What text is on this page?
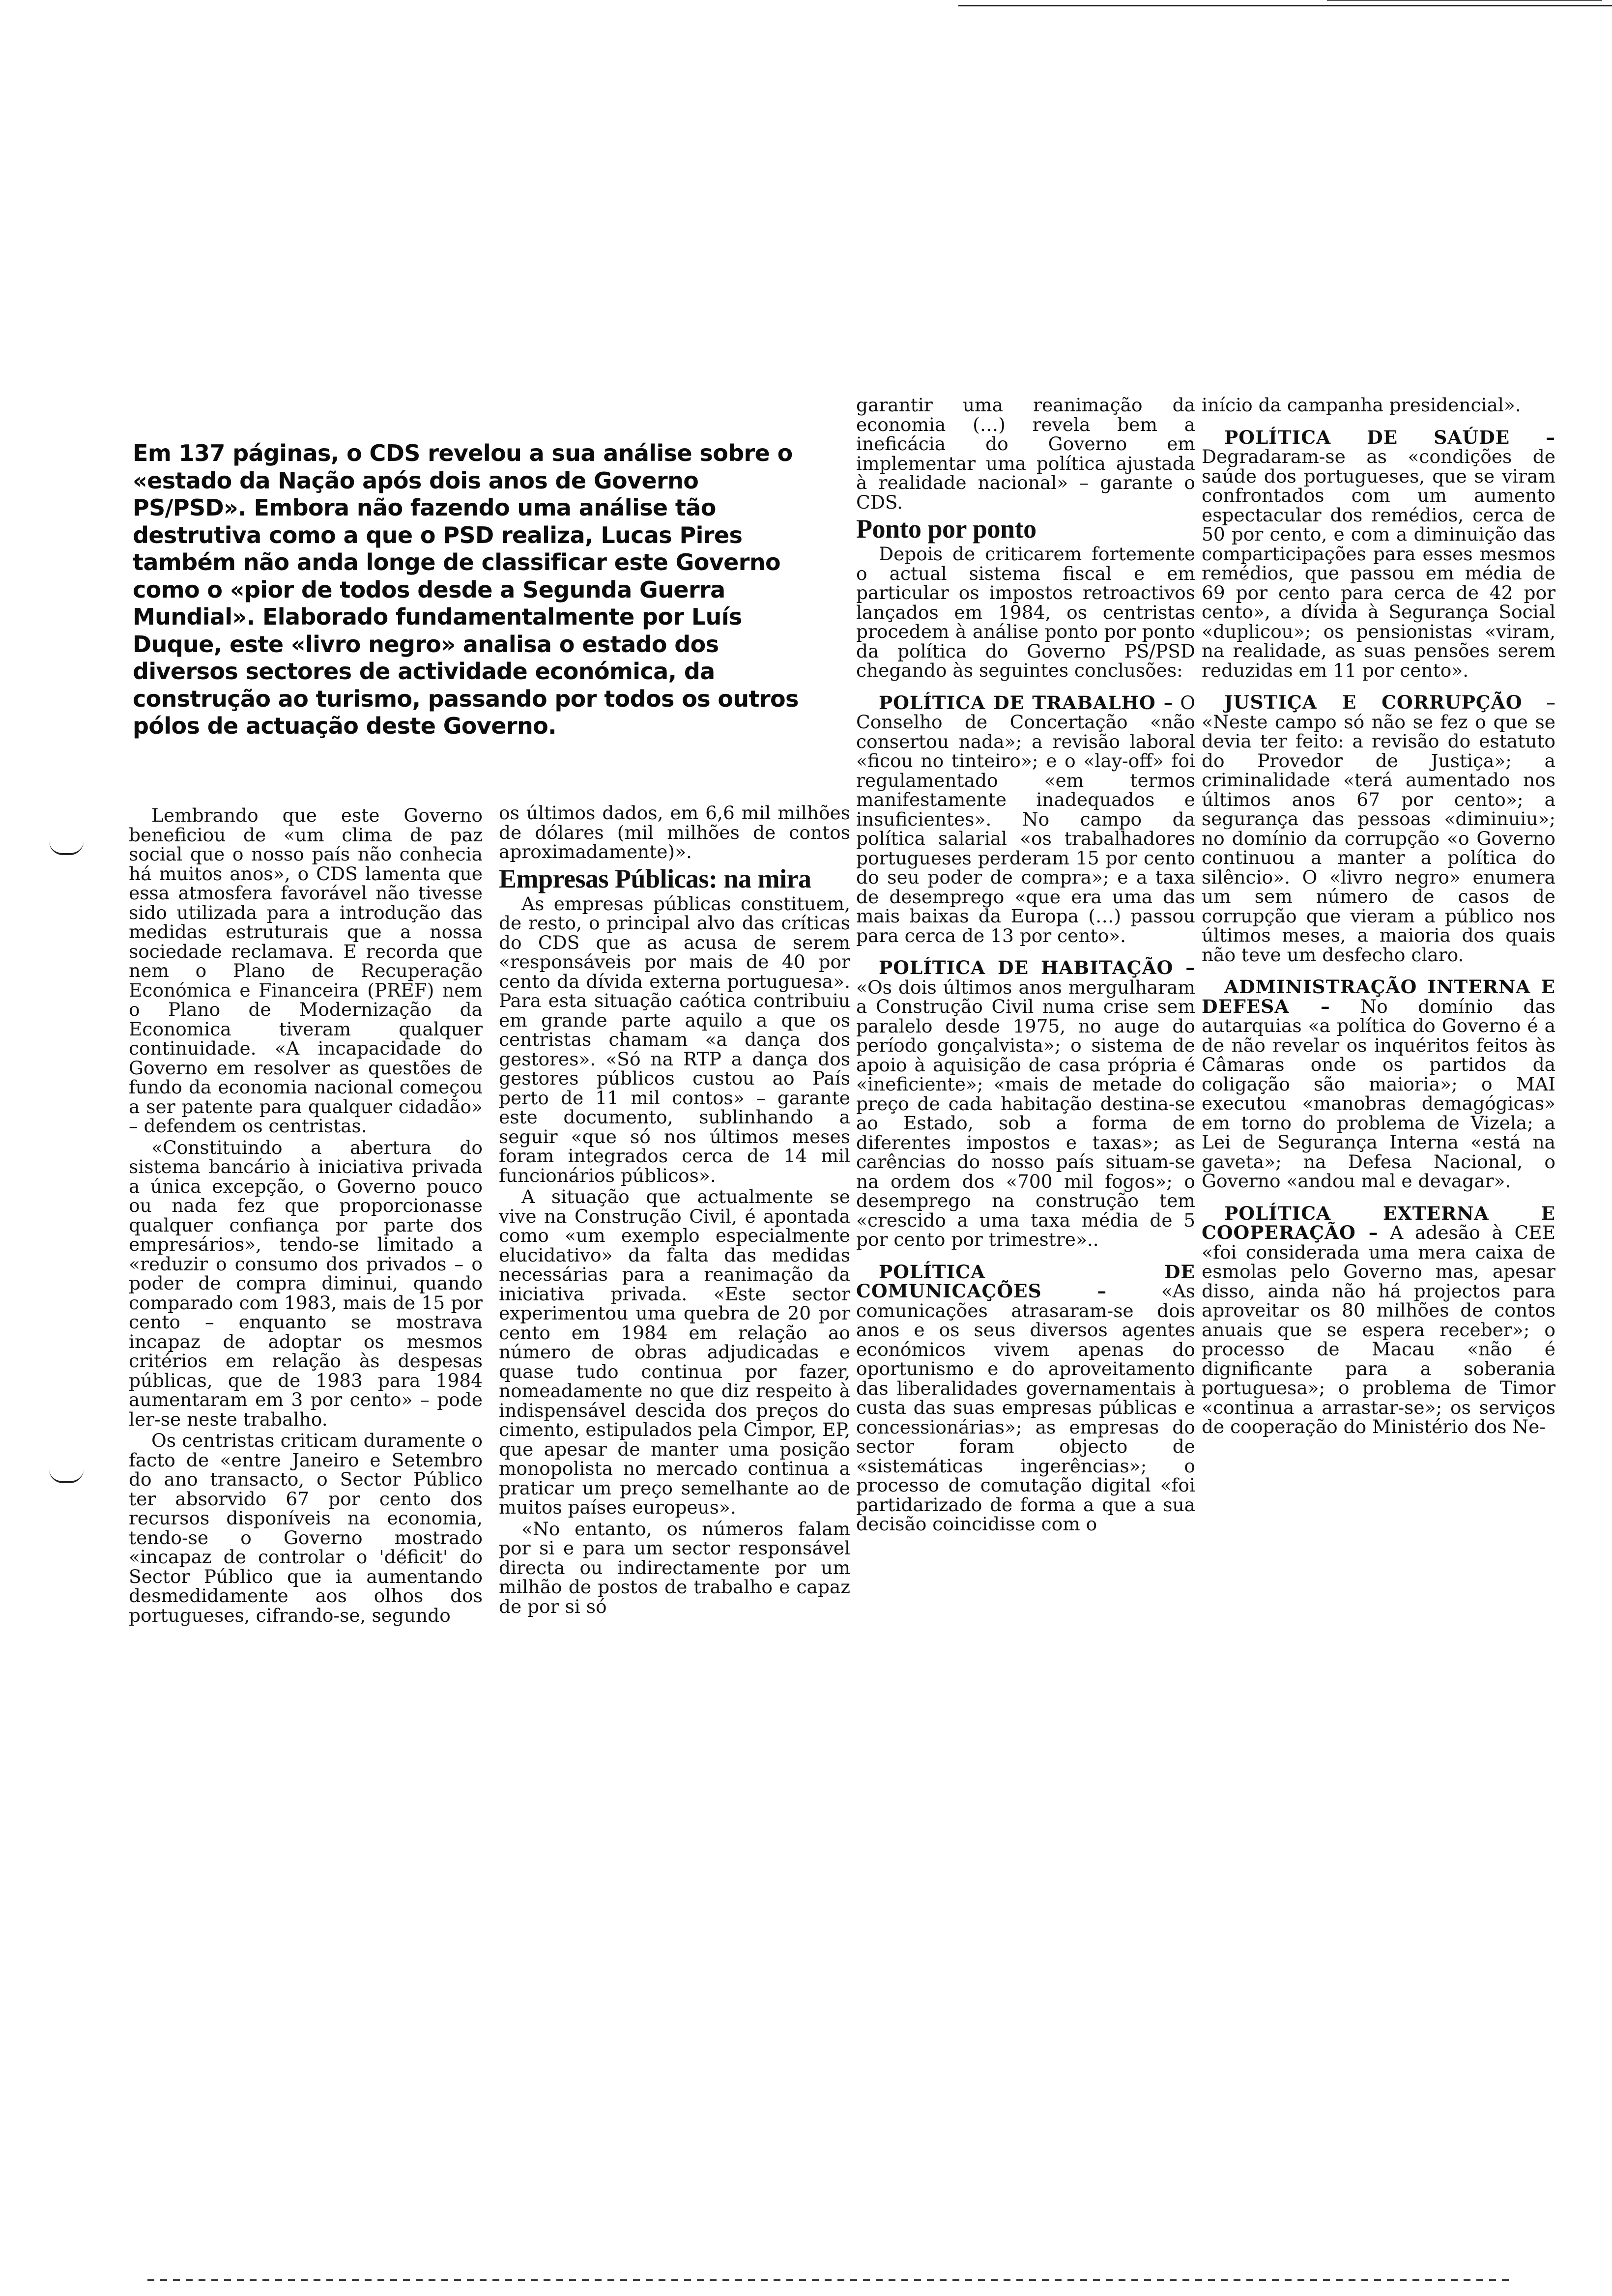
Em 137 páginas, o CDS revelou a sua análise sobre o «estado da Nação após dois anos de Governo PS/PSD». Embora não fazendo uma análise tão destrutiva como a que o PSD realiza, Lucas Pires também não anda longe de classificar este Governo como o «pior de todos desde a Segunda Guerra Mundial». Elaborado fundamentalmente por Luís Duque, este «livro negro» analisa o estado dos diversos sectores de actividade económica, da construção ao turismo, passando por todos os outros pólos de actuação deste Governo.

Lembrando que este Governo beneficiou de «um clima de paz social que o nosso país não conhecia há muitos anos», o CDS lamenta que essa atmosfera favorável não tivesse sido utilizada para a introdução das medidas estruturais que a nossa sociedade reclamava. E recorda que nem o Plano de Recuperação Económica e Financeira (PREF) nem o Plano de Modernização da Economica tiveram qualquer continuidade. «A incapacidade do Governo em resolver as questões de fundo da economia nacional começou a ser patente para qualquer cidadão» – defendem os centristas.

«Constituindo a abertura do sistema bancário à iniciativa privada a única excepção, o Governo pouco ou nada fez que proporcionasse qualquer confiança por parte dos empresários», tendo-se limitado a «reduzir o consumo dos privados – o poder de compra diminui, quando comparado com 1983, mais de 15 por cento – enquanto se mostrava incapaz de adoptar os mesmos critérios em relação às despesas públicas, que de 1983 para 1984 aumentaram em 3 por cento» – pode ler-se neste trabalho.

Os centristas criticam duramente o facto de «entre Janeiro e Setembro do ano transacto, o Sector Público ter absorvido 67 por cento dos recursos disponíveis na economia, tendo-se o Governo mostrado «incapaz de controlar o 'déficit' do Sector Público que ia aumentando desmedidamente aos olhos dos portugueses, cifrando-se, segundo

os últimos dados, em 6,6 mil milhões de dólares (mil milhões de contos aproximadamente)».

Empresas Públicas: na mira

As empresas públicas constituem, de resto, o principal alvo das críticas do CDS que as acusa de serem «responsáveis por mais de 40 por cento da dívida externa portuguesa». Para esta situação caótica contribuiu em grande parte aquilo a que os centristas chamam «a dança dos gestores». «Só na RTP a dança dos gestores públicos custou ao País perto de 11 mil contos» – garante este documento, sublinhando a seguir «que só nos últimos meses foram integrados cerca de 14 mil funcionários públicos».

A situação que actualmente se vive na Construção Civil, é apontada como «um exemplo especialmente elucidativo» da falta das medidas necessárias para a reanimação da iniciativa privada. «Este sector experimentou uma quebra de 20 por cento em 1984 em relação ao número de obras adjudicadas e quase tudo continua por fazer, nomeadamente no que diz respeito à indispensável descida dos preços do cimento, estipulados pela Cimpor, EP, que apesar de manter uma posição monopolista no mercado continua a praticar um preço semelhante ao de muitos países europeus».

«No entanto, os números falam por si e para um sector responsável directa ou indirectamente por um milhão de postos de trabalho e capaz de por si só

garantir uma reanimação da economia (…) revela bem a ineficácia do Governo em implementar uma política ajustada à realidade nacional» – garante o CDS.

Ponto por ponto

Depois de criticarem fortemente o actual sistema fiscal e em particular os impostos retroactivos lançados em 1984, os centristas procedem à análise ponto por ponto da política do Governo PS/PSD chegando às seguintes conclusões:

POLÍTICA DE TRABALHO – O Conselho de Concertação «não consertou nada»; a revisão laboral «ficou no tinteiro»; e o «lay-off» foi regulamentado «em termos manifestamente inadequados e insuficientes». No campo da política salarial «os trabalhadores portugueses perderam 15 por cento do seu poder de compra»; e a taxa de desemprego «que era uma das mais baixas da Europa (…) passou para cerca de 13 por cento».

POLÍTICA DE HABITAÇÃO – «Os dois últimos anos mergulharam a Construção Civil numa crise sem paralelo desde 1975, no auge do período gonçalvista»; o sistema de apoio à aquisição de casa própria é «ineficiente»; «mais de metade do preço de cada habitação destina-se ao Estado, sob a forma de diferentes impostos e taxas»; as carências do nosso país situam-se na ordem dos «700 mil fogos»; o desemprego na construção tem «crescido a uma taxa média de 5 por cento por trimestre»..

POLÍTICA DE COMUNICAÇÕES – «As comunicações atrasaram-se dois anos e os seus diversos agentes económicos vivem apenas do oportunismo e do aproveitamento das liberalidades governamentais à custa das suas empresas públicas e concessionárias»; as empresas do sector foram objecto de «sistemáticas ingerências»; o processo de comutação digital «foi partidarizado de forma a que a sua decisão coincidisse com o

início da campanha presidencial».

POLÍTICA DE SAÚDE – Degradaram-se as «condições de saúde dos portugueses, que se viram confrontados com um aumento espectacular dos remédios, cerca de 50 por cento, e com a diminuição das comparticipações para esses mesmos remédios, que passou em média de 69 por cento para cerca de 42 por cento», a dívida à Segurança Social «duplicou»; os pensionistas «viram, na realidade, as suas pensões serem reduzidas em 11 por cento».

JUSTIÇA E CORRUPÇÃO – «Neste campo só não se fez o que se devia ter feito: a revisão do estatuto do Provedor de Justiça»; a criminalidade «terá aumentado nos últimos anos 67 por cento»; a segurança das pessoas «diminuiu»; no domínio da corrupção «o Governo continuou a manter a política do silêncio». O «livro negro» enumera um sem número de casos de corrupção que vieram a público nos últimos meses, a maioria dos quais não teve um desfecho claro.

ADMINISTRAÇÃO INTERNA E DEFESA – No domínio das autarquias «a política do Governo é a de não revelar os inquéritos feitos às Câmaras onde os partidos da coligação são maioria»; o MAI executou «manobras demagógicas» em torno do problema de Vizela; a Lei de Segurança Interna «está na gaveta»; na Defesa Nacional, o Governo «andou mal e devagar».

POLÍTICA EXTERNA E COOPERAÇÃO – A adesão à CEE «foi considerada uma mera caixa de esmolas pelo Governo mas, apesar disso, ainda não há projectos para aproveitar os 80 milhões de contos anuais que se espera receber»; o processo de Macau «não é dignificante para a soberania portuguesa»; o problema de Timor «continua a arrastar-se»; os serviços de cooperação do Ministério dos Ne-
